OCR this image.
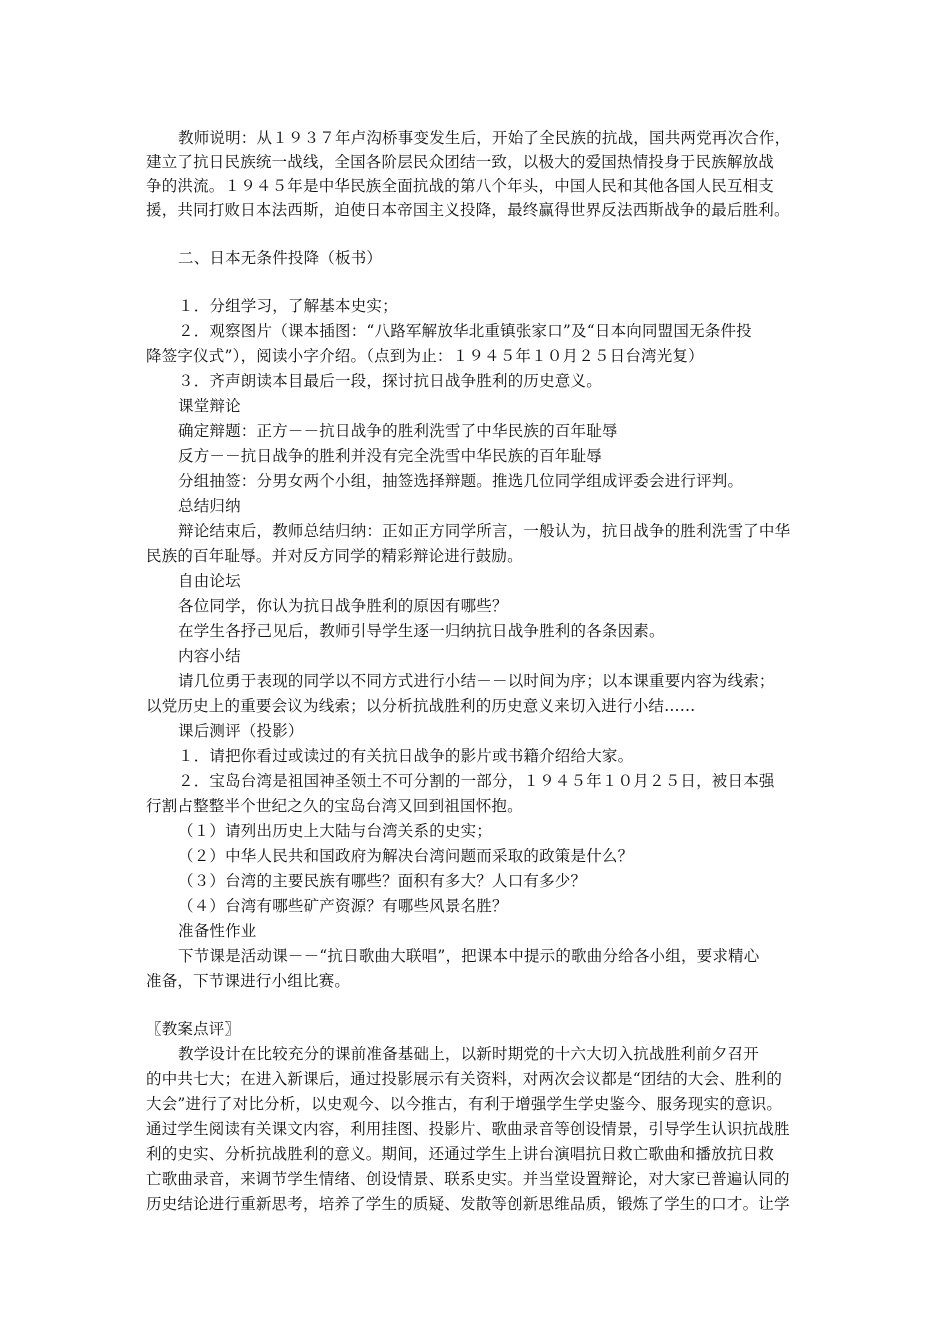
教师说明：从１９３７年卢沟桥事变发生后，开始了全民族的抗战，国共两党再次合作，
建立了抗日民族统一战线，全国各阶层民众团结一致，以极大的爱国热情投身于民族解放战
争的洪流。１９４５年是中华民族全面抗战的第八个年头，中国人民和其他各国人民互相支
援，共同打败日本法西斯，迫使日本帝国主义投降，最终赢得世界反法西斯战争的最后胜利。
二、日本无条件投降（板书）
１．分组学习，了解基本史实；
２．观察图片（课本插图：“八路军解放华北重镇张家口”及“日本向同盟国无条件投
降签字仪式”），阅读小字介绍。（点到为止：１９４５年１０月２５日台湾光复）
３．齐声朗读本目最后一段，探讨抗日战争胜利的历史意义。
课堂辩论
确定辩题：正方－－抗日战争的胜利洗雪了中华民族的百年耻辱
反方－－抗日战争的胜利并没有完全洗雪中华民族的百年耻辱
分组抽签：分男女两个小组，抽签选择辩题。推选几位同学组成评委会进行评判。
总结归纳
辩论结束后，教师总结归纳：正如正方同学所言，一般认为，抗日战争的胜利洗雪了中华
民族的百年耻辱。并对反方同学的精彩辩论进行鼓励。
自由论坛
各位同学，你认为抗日战争胜利的原因有哪些？
在学生各抒己见后，教师引导学生逐一归纳抗日战争胜利的各条因素。
内容小结
请几位勇于表现的同学以不同方式进行小结－－以时间为序；以本课重要内容为线索；
以党历史上的重要会议为线索；以分析抗战胜利的历史意义来切入进行小结……
课后测评（投影）
１．请把你看过或读过的有关抗日战争的影片或书籍介绍给大家。
２．宝岛台湾是祖国神圣领土不可分割的一部分，１９４５年１０月２５日，被日本强
行割占整整半个世纪之久的宝岛台湾又回到祖国怀抱。
（１）请列出历史上大陆与台湾关系的史实；
（２）中华人民共和国政府为解决台湾问题而采取的政策是什么？
（３）台湾的主要民族有哪些？面积有多大？人口有多少？
（４）台湾有哪些矿产资源？有哪些风景名胜？
准备性作业
下节课是活动课－－“抗日歌曲大联唱”，把课本中提示的歌曲分给各小组，要求精心
准备，下节课进行小组比赛。
〖教案点评〗
教学设计在比较充分的课前准备基础上，以新时期党的十六大切入抗战胜利前夕召开
的中共七大；在进入新课后，通过投影展示有关资料，对两次会议都是“团结的大会、胜利的
大会”进行了对比分析，以史观今、以今推古，有利于增强学生学史鉴今、服务现实的意识。
通过学生阅读有关课文内容，利用挂图、投影片、歌曲录音等创设情景，引导学生认识抗战胜
利的史实、分析抗战胜利的意义。期间，还通过学生上讲台演唱抗日救亡歌曲和播放抗日救
亡歌曲录音，来调节学生情绪、创设情景、联系史实。并当堂设置辩论，对大家已普遍认同的
历史结论进行重新思考，培养了学生的质疑、发散等创新思维品质，锻炼了学生的口才。让学
